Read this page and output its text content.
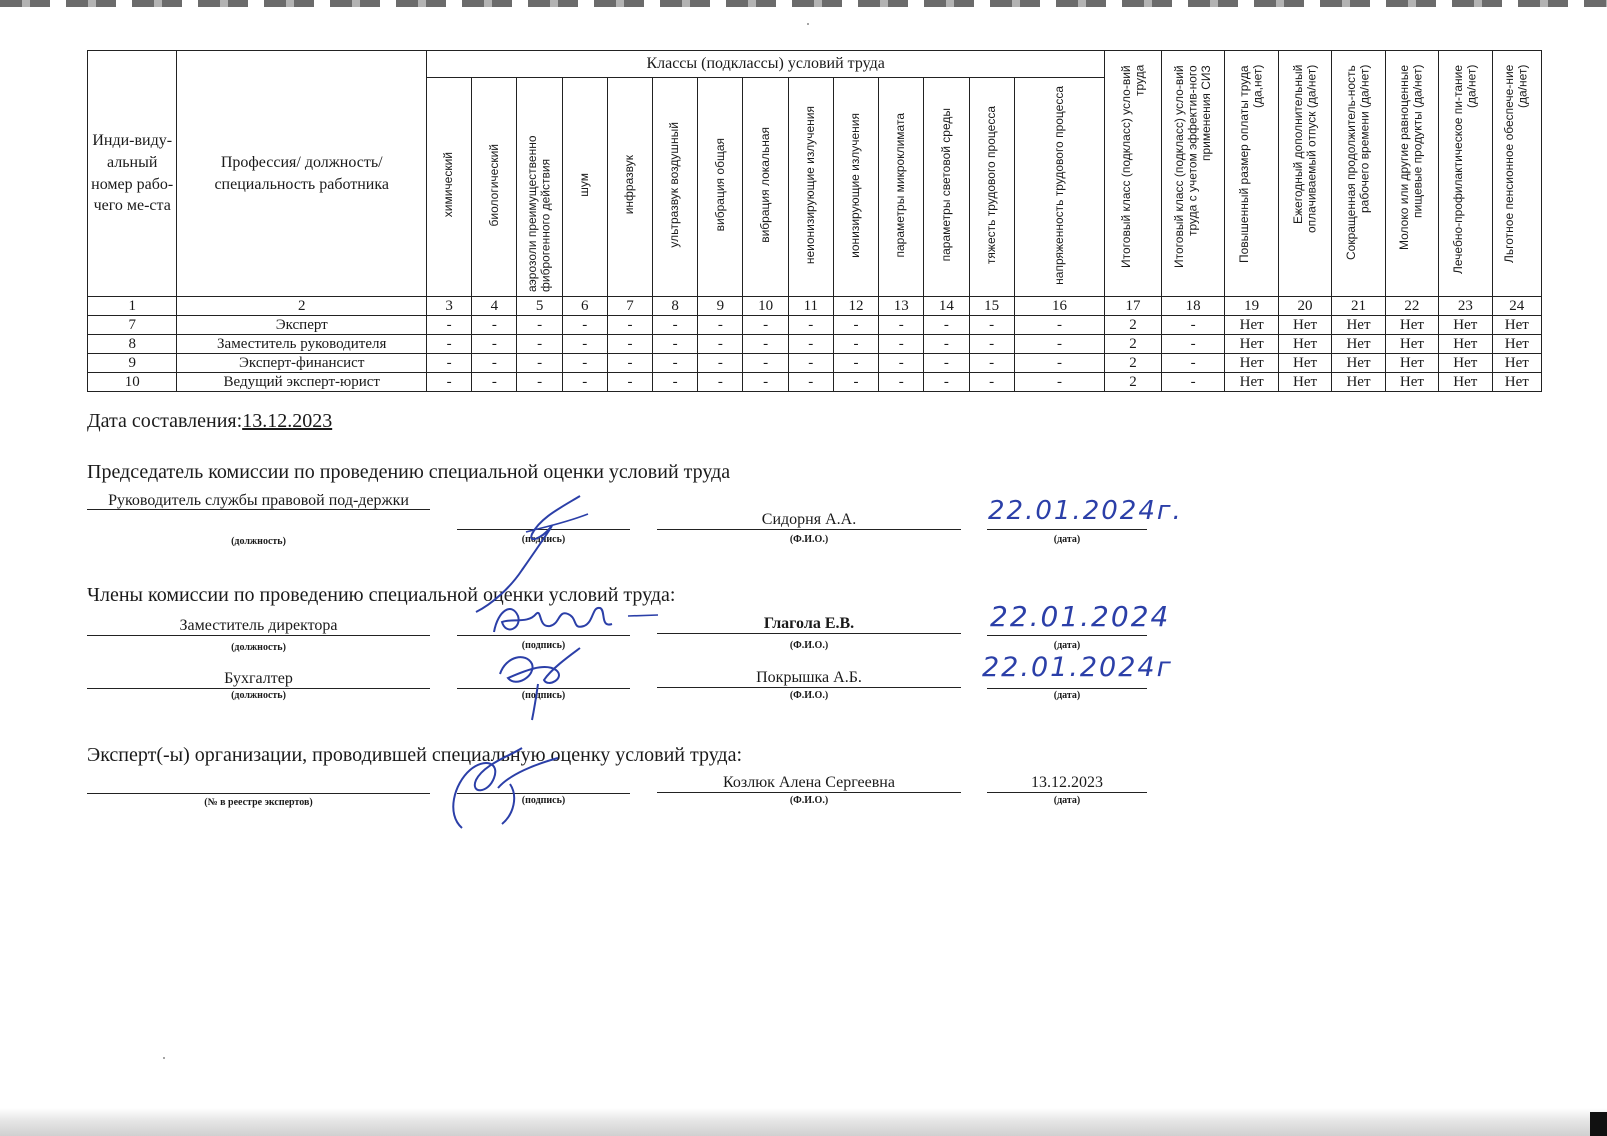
Инди-виду-альный номер рабо-чего ме-ста	Профессия/ должность/ специальность работника	Классы (подклассы) условий труда														Итоговый класс (подкласс) усло-вий труда	Итоговый класс (подкласс) усло-вий труда с учетом эффектив-ного применения СИЗ	Повышенный размер оплаты труда (да,нет)	Ежегодный дополнительный оплачиваемый отпуск (да/нет)	Сокращенная продолжитель-ность рабочего времени (да/нет)	Молоко или другие равноценные пищевые продукты (да/нет)	Лечебно-профилактическое пи-тание (да/нет)	Льготное пенсионное обеспече-ние (да/нет)
		химический	биологический	аэрозоли преимущественно фиброгенного действия	шум	инфразвук	ультразвук воздушный	вибрация общая	вибрация локальная	неионизирующие излучения	ионизирующие излучения	параметры микроклимата	параметры световой среды	тяжесть трудового процесса	напряженность трудового процесса								
1	2	3	4	5	6	7	8	9	10	11	12	13	14	15	16	17	18	19	20	21	22	23	24
7	Эксперт	-	-	-	-	-	-	-	-	-	-	-	-	-	-	2	-	Нет	Нет	Нет	Нет	Нет	Нет
8	Заместитель руководителя	-	-	-	-	-	-	-	-	-	-	-	-	-	-	2	-	Нет	Нет	Нет	Нет	Нет	Нет
9	Эксперт-финансист	-	-	-	-	-	-	-	-	-	-	-	-	-	-	2	-	Нет	Нет	Нет	Нет	Нет	Нет
10	Ведущий эксперт-юрист	-	-	-	-	-	-	-	-	-	-	-	-	-	-	2	-	Нет	Нет	Нет	Нет	Нет	Нет
Дата составления:13.12.2023
Председатель комиссии по проведению специальной оценки условий труда
Руководитель службы правовой под-держки
Сидорня А.А.	22.01.2024г.
(должность)	(подпись)	(Ф.И.О.)	(дата)
Члены комиссии по проведению специальной оценки условий труда:
Заместитель директора	Глагола Е.В.	22.01.2024
(должность)	(подпись)	(Ф.И.О.)	(дата)
Бухгалтер	Покрышка А.Б.	22.01.2024г
(должность)	(подпись)	(Ф.И.О.)	(дата)
Эксперт(-ы) организации, проводившей специальную оценку условий труда:
Козлюк Алена Сергеевна	13.12.2023
(№ в реестре экспертов)	(подпись)	(Ф.И.О.)	(дата)
